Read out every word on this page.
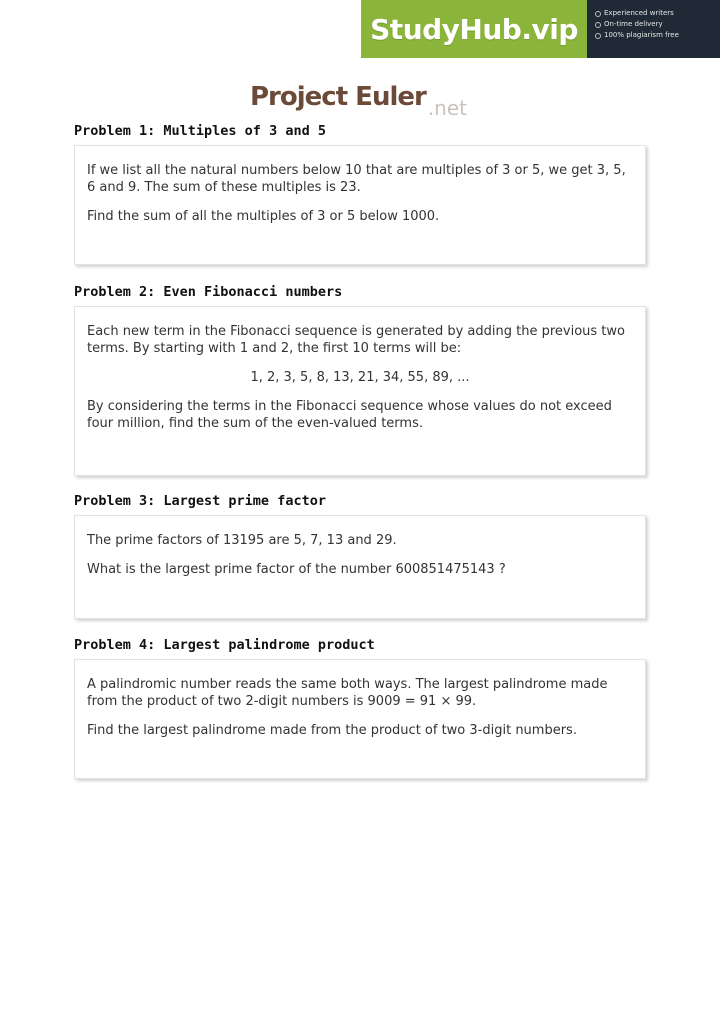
StudyHub.vip	Experienced writers
On-time delivery
100% plagiarism free
Project Euler .net
Problem 1: Multiples of 3 and 5

If we list all the natural numbers below 10 that are multiples of 3 or 5, we get 3, 5, 6 and 9. The sum of these multiples is 23.

Find the sum of all the multiples of 3 or 5 below 1000.

Problem 2: Even Fibonacci numbers

Each new term in the Fibonacci sequence is generated by adding the previous two terms. By starting with 1 and 2, the first 10 terms will be:

1, 2, 3, 5, 8, 13, 21, 34, 55, 89, ...

By considering the terms in the Fibonacci sequence whose values do not exceed four million, find the sum of the even-valued terms.

Problem 3: Largest prime factor

The prime factors of 13195 are 5, 7, 13 and 29.

What is the largest prime factor of the number 600851475143 ?

Problem 4: Largest palindrome product

A palindromic number reads the same both ways. The largest palindrome made from the product of two 2-digit numbers is 9009 = 91 × 99.

Find the largest palindrome made from the product of two 3-digit numbers.
